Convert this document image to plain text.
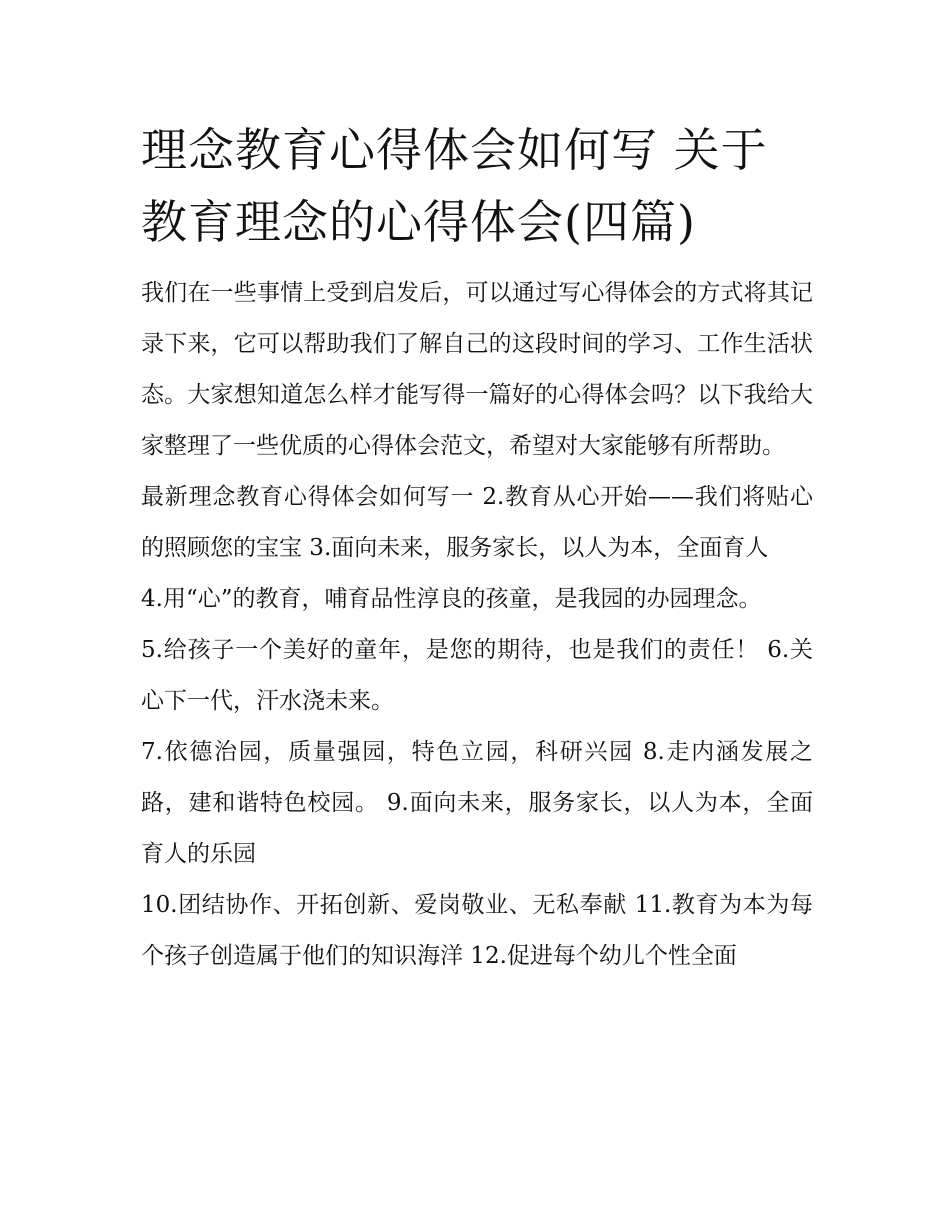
理念教育心得体会如何写 关于教育理念的心得体会(四篇)

我们在一些事情上受到启发后，可以通过写心得体会的方式将其记录下来，它可以帮助我们了解自己的这段时间的学习、工作生活状态。大家想知道怎么样才能写得一篇好的心得体会吗？以下我给大家整理了一些优质的心得体会范文，希望对大家能够有所帮助。

最新理念教育心得体会如何写一 2.教育从心开始——我们将贴心的照顾您的宝宝 3.面向未来，服务家长，以人为本，全面育人

4.用“心”的教育，哺育品性淳良的孩童，是我园的办园理念。

5.给孩子一个美好的童年，是您的期待，也是我们的责任！ 6.关心下一代，汗水浇未来。

7.依德治园，质量强园，特色立园，科研兴园 8.走内涵发展之路，建和谐特色校园。 9.面向未来，服务家长，以人为本，全面育人的乐园

10.团结协作、开拓创新、爱岗敬业、无私奉献 11.教育为本为每个孩子创造属于他们的知识海洋 12.促进每个幼儿个性全面
